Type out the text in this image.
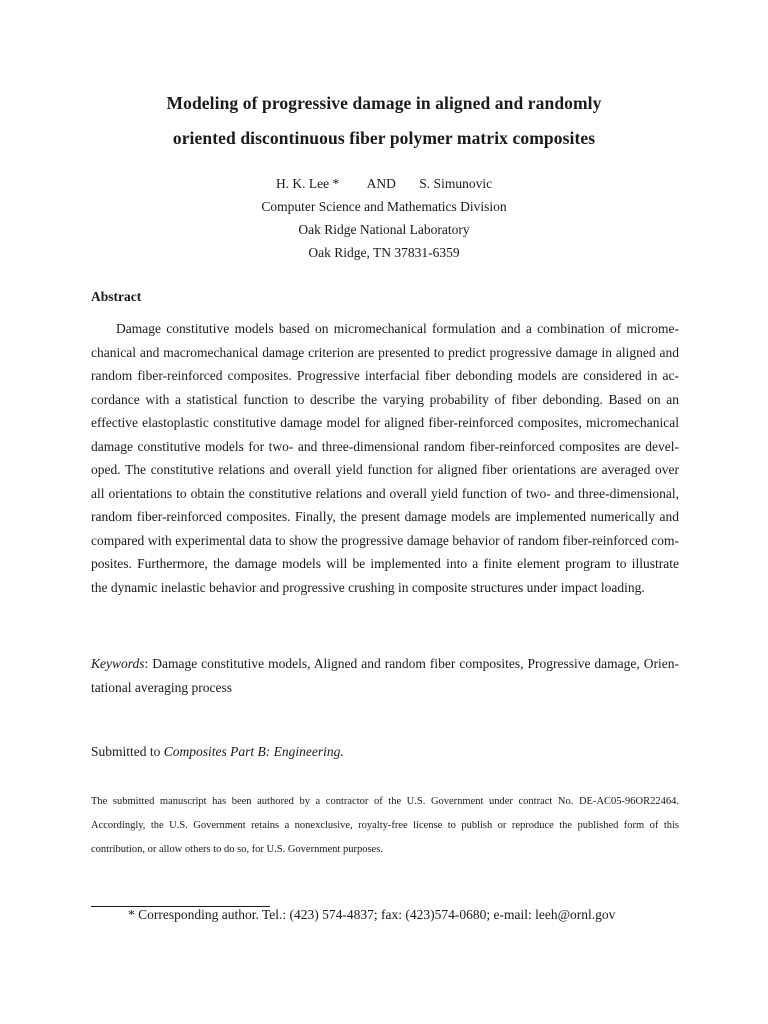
Modeling of progressive damage in aligned and randomly
oriented discontinuous fiber polymer matrix composites
H. K. Lee * AND S. Simunovic
Computer Science and Mathematics Division
Oak Ridge National Laboratory
Oak Ridge, TN 37831-6359
Abstract
Damage constitutive models based on micromechanical formulation and a combination of microme-
chanical and macromechanical damage criterion are presented to predict progressive damage in aligned and
random fiber-reinforced composites. Progressive interfacial fiber debonding models are considered in ac-
cordance with a statistical function to describe the varying probability of fiber debonding. Based on an
effective elastoplastic constitutive damage model for aligned fiber-reinforced composites, micromechanical
damage constitutive models for two- and three-dimensional random fiber-reinforced composites are devel-
oped. The constitutive relations and overall yield function for aligned fiber orientations are averaged over
all orientations to obtain the constitutive relations and overall yield function of two- and three-dimensional,
random fiber-reinforced composites. Finally, the present damage models are implemented numerically and
compared with experimental data to show the progressive damage behavior of random fiber-reinforced com-
posites. Furthermore, the damage models will be implemented into a finite element program to illustrate
the dynamic inelastic behavior and progressive crushing in composite structures under impact loading.
Keywords: Damage constitutive models, Aligned and random fiber composites, Progressive damage, Orien-
tational averaging process
Submitted to Composites Part B: Engineering.
The submitted manuscript has been authored by a contractor of the U.S. Government under contract No. DE-AC05-96OR22464.
Accordingly, the U.S. Government retains a nonexclusive, royalty-free license to publish or reproduce the published form of this
contribution, or allow others to do so, for U.S. Government purposes.
* Corresponding author. Tel.: (423) 574-4837; fax: (423)574-0680; e-mail: leeh@ornl.gov
